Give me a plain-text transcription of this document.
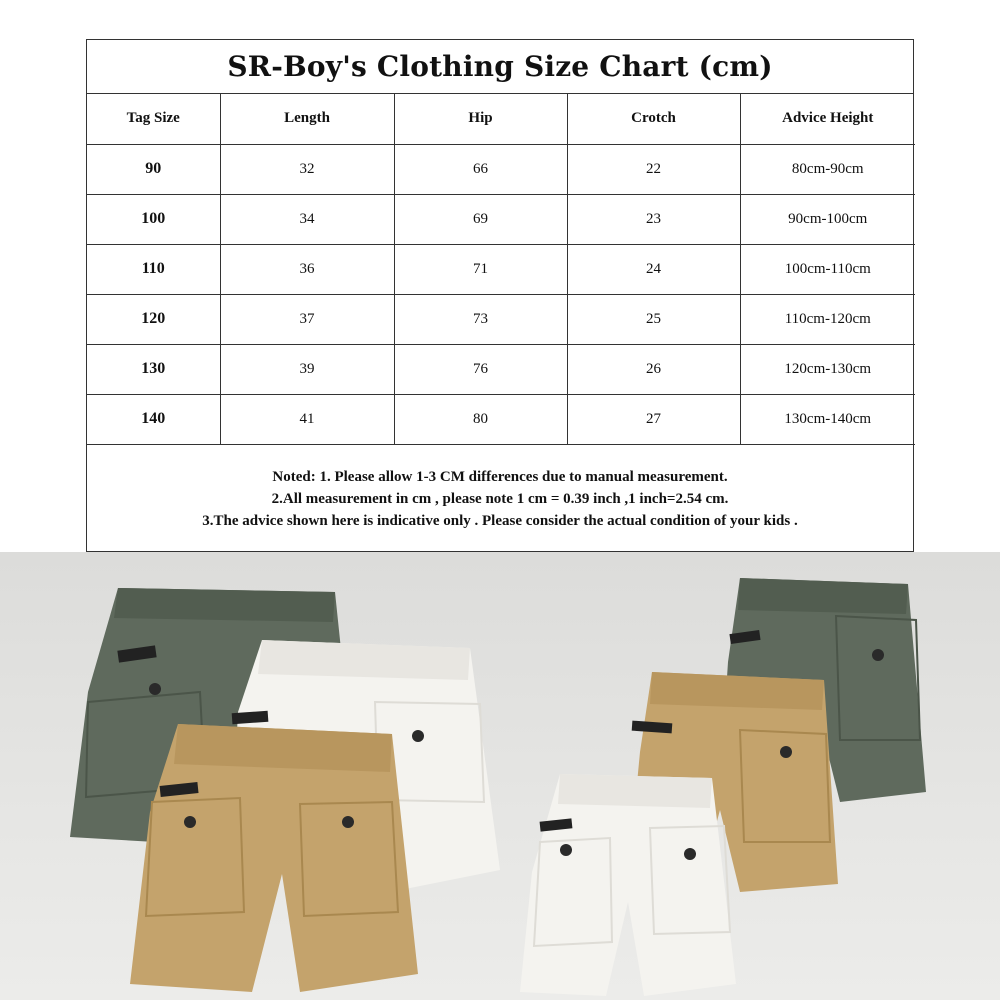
SR-Boy's Clothing Size Chart (cm)
Tag Size	Length	Hip	Crotch	Advice Height
90	32	66	22	80cm-90cm
100	34	69	23	90cm-100cm
110	36	71	24	100cm-110cm
120	37	73	25	110cm-120cm
130	39	76	26	120cm-130cm
140	41	80	27	130cm-140cm
Noted: 1. Please allow 1-3 CM differences due to manual measurement.
2.All measurement in cm , please note 1 cm = 0.39 inch ,1 inch=2.54 cm.
3.The advice shown here is indicative only . Please consider the actual condition of your kids .
